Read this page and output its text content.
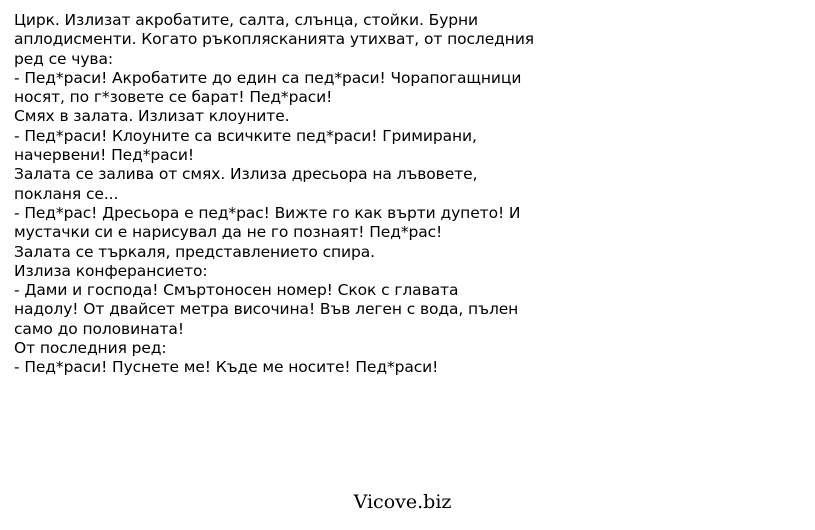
Цирк. Излизат акробатите, салта, слънца, стойки. Бурни
аплодисменти. Когато ръкоплясканията утихват, от последния
ред се чува:
- Пед*раси! Акробатите до един са пед*раси! Чорапогащници
носят, по г*зовете се барат! Пед*раси!
Смях в залата. Излизат клоуните.
- Пед*раси! Клоуните са всичките пед*раси! Гримирани,
начервени! Пед*раси!
Залата се залива от смях. Излиза дресьора на лъвовете,
покланя се...
- Пед*рас! Дресьора е пед*рас! Вижте го как върти дупето! И
мустачки си е нарисувал да не го познаят! Пед*рас!
Залата се търкаля, представлението спира.
Излиза конферансието:
- Дами и господа! Смъртоносен номер! Скок с главата
надолу! От двайсет метра височина! Във леген с вода, пълен
само до половината!
От последния ред:
- Пед*раси! Пуснете ме! Къде ме носите! Пед*раси!
Vicove.biz
